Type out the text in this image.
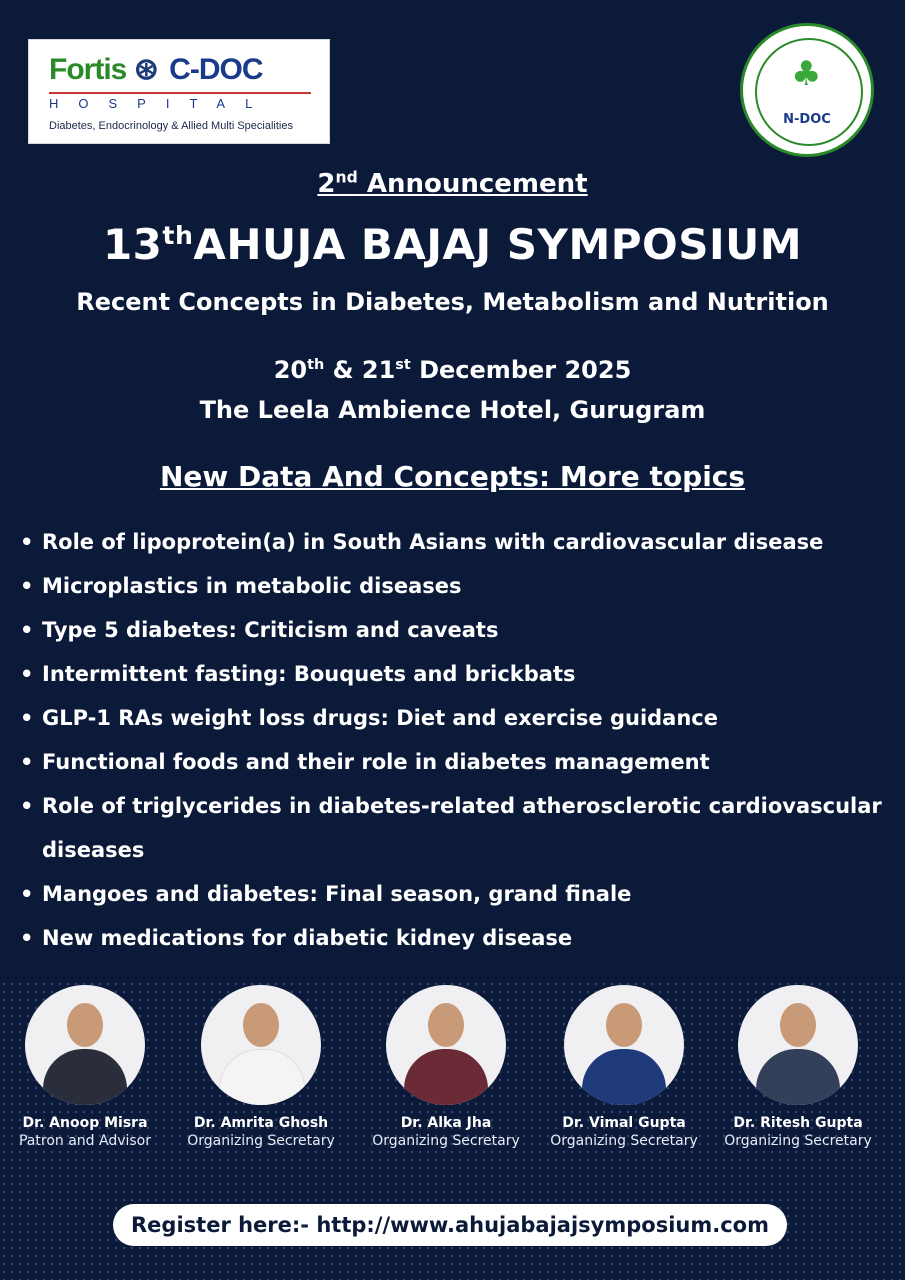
Fortis ⊛ C-DOC
HOSPITAL
Diabetes, Endocrinology & Allied Multi Specialities
♣
N-DOC
2nd Announcement
13thAHUJA BAJAJ SYMPOSIUM
Recent Concepts in Diabetes, Metabolism and Nutrition
20th & 21st December 2025
The Leela Ambience Hotel, Gurugram
New Data And Concepts: More topics
• Role of lipoprotein(a) in South Asians with cardiovascular disease
• Microplastics in metabolic diseases
• Type 5 diabetes: Criticism and caveats
• Intermittent fasting: Bouquets and brickbats
• GLP-1 RAs weight loss drugs: Diet and exercise guidance
• Functional foods and their role in diabetes management
• Role of triglycerides in diabetes-related atherosclerotic cardiovascular diseases
• Mangoes and diabetes: Final season, grand finale
• New medications for diabetic kidney disease
Dr. Anoop Misra
Patron and Advisor
Dr. Amrita Ghosh
Organizing Secretary
Dr. Alka Jha
Organizing Secretary
Dr. Vimal Gupta
Organizing Secretary
Dr. Ritesh Gupta
Organizing Secretary
Register here:- http://www.ahujabajajsymposium.com
